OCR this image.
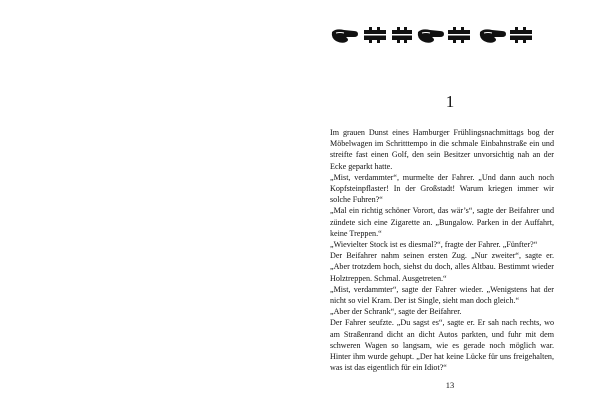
1

Im grauen Dunst eines Hamburger Frühlingsnachmittags bog der Möbelwagen im Schritttempo in die schmale Einbahnstraße ein und streifte fast einen Golf, den sein Besitzer unvorsichtig nah an der Ecke geparkt hatte.

„Mist, verdammter“, murmelte der Fahrer. „Und dann auch noch Kopfsteinpflaster! In der Großstadt! Warum kriegen immer wir solche Fuhren?“

„Mal ein richtig schöner Vorort, das wär’s“, sagte der Beifahrer und zündete sich eine Zigarette an. „Bungalow. Parken in der Auffahrt, keine Treppen.“

„Wievielter Stock ist es diesmal?“, fragte der Fahrer. „Fünfter?“

Der Beifahrer nahm seinen ersten Zug. „Nur zweiter“, sagte er. „Aber trotzdem hoch, siehst du doch, alles Altbau. Bestimmt wieder Holztreppen. Schmal. Ausgetreten.“

„Mist, verdammter“, sagte der Fahrer wieder. „Wenigstens hat der nicht so viel Kram. Der ist Single, sieht man doch gleich.“

„Aber der Schrank“, sagte der Beifahrer.

Der Fahrer seufzte. „Du sagst es“, sagte er. Er sah nach rechts, wo am Straßenrand dicht an dicht Autos parkten, und fuhr mit dem schweren Wagen so langsam, wie es gerade noch möglich war. Hinter ihm wurde gehupt. „Der hat keine Lücke für uns freigehalten, was ist das eigentlich für ein Idiot?“

13
